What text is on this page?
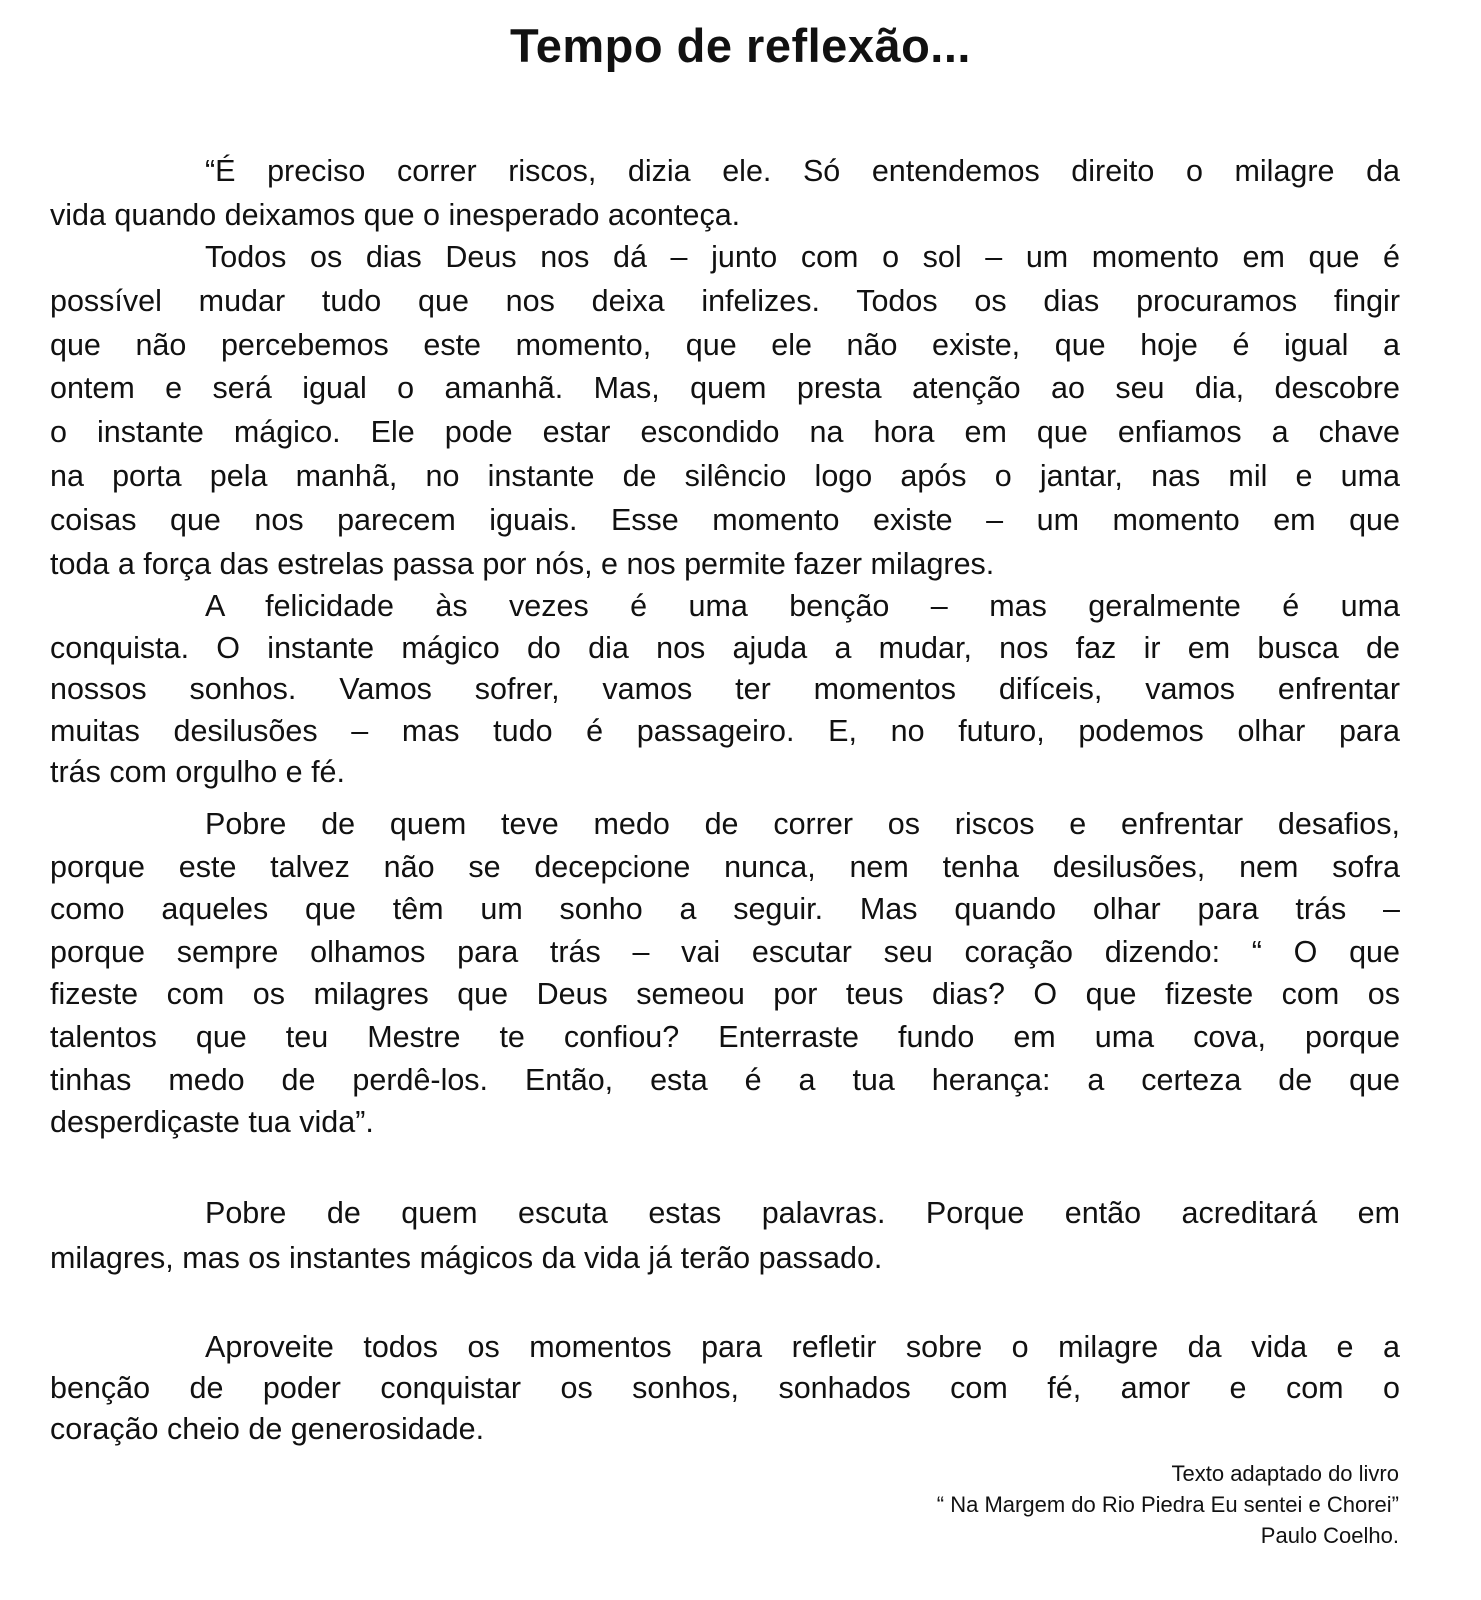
Tempo de reflexão...
“É preciso correr riscos, dizia ele. Só entendemos direito o milagre da
vida quando deixamos que o inesperado aconteça.
Todos os dias Deus nos dá – junto com o sol – um momento em que é
possível mudar tudo que nos deixa infelizes. Todos os dias procuramos fingir
que não percebemos este momento, que ele não existe, que hoje é igual a
ontem e será igual o amanhã. Mas, quem presta atenção ao seu dia, descobre
o instante mágico. Ele pode estar escondido na hora em que enfiamos a chave
na porta pela manhã, no instante de silêncio logo após o jantar, nas mil e uma
coisas que nos parecem iguais. Esse momento existe – um momento em que
toda a força das estrelas passa por nós, e nos permite fazer milagres.
A felicidade às vezes é uma benção – mas geralmente é uma
conquista. O instante mágico do dia nos ajuda a mudar, nos faz ir em busca de
nossos sonhos. Vamos sofrer, vamos ter momentos difíceis, vamos enfrentar
muitas desilusões – mas tudo é passageiro. E, no futuro, podemos olhar para
trás com orgulho e fé.
Pobre de quem teve medo de correr os riscos e enfrentar desafios,
porque este talvez não se decepcione nunca, nem tenha desilusões, nem sofra
como aqueles que têm um sonho a seguir. Mas quando olhar para trás –
porque sempre olhamos para trás – vai escutar seu coração dizendo: “ O que
fizeste com os milagres que Deus semeou por teus dias? O que fizeste com os
talentos que teu Mestre te confiou? Enterraste fundo em uma cova, porque
tinhas medo de perdê-los. Então, esta é a tua herança: a certeza de que
desperdiçaste tua vida”.
Pobre de quem escuta estas palavras. Porque então acreditará em
milagres, mas os instantes mágicos da vida já terão passado.
Aproveite todos os momentos para refletir sobre o milagre da vida e a
benção de poder conquistar os sonhos, sonhados com fé, amor e com o
coração cheio de generosidade.
Texto adaptado do livro
“ Na Margem do Rio Piedra Eu sentei e Chorei”
Paulo Coelho.
